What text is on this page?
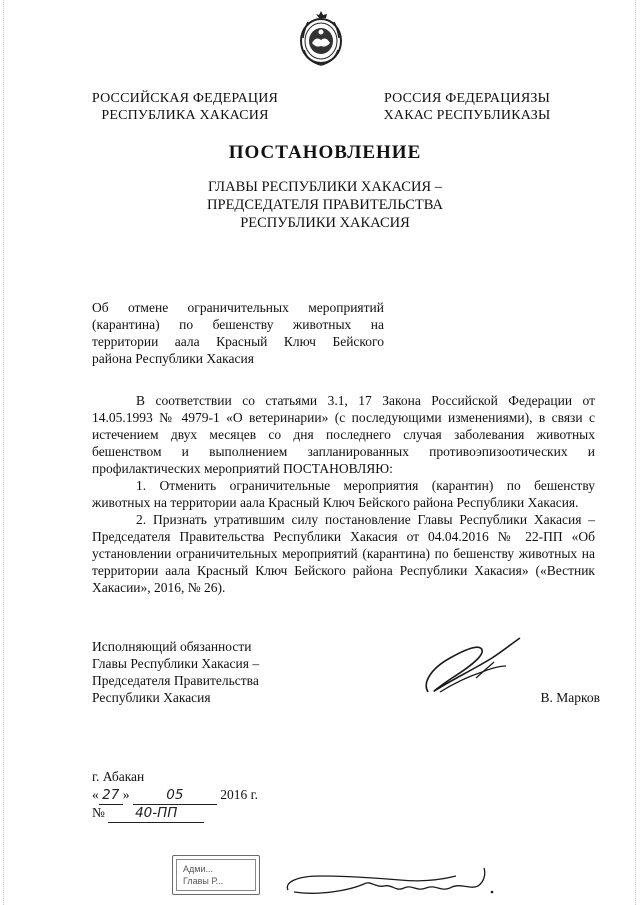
РОССИЙСКАЯ ФЕДЕРАЦИЯ
РЕСПУБЛИКА ХАКАСИЯ
РОССИЯ ФЕДЕРАЦИЯЗЫ
ХАКАС РЕСПУБЛИКАЗЫ
ПОСТАНОВЛЕНИЕ
ГЛАВЫ РЕСПУБЛИКИ ХАКАСИЯ –
ПРЕДСЕДАТЕЛЯ ПРАВИТЕЛЬСТВА
РЕСПУБЛИКИ ХАКАСИЯ
Об отмене ограничительных мероприятий
(карантина) по бешенству животных на
территории аала Красный Ключ Бейского
района Республики Хакасия

В соответствии со статьями 3.1, 17 Закона Российской Федерации от 14.05.1993 № 4979-1 «О ветеринарии» (с последующими изменениями), в связи с истечением двух месяцев со дня последнего случая заболевания животных бешенством и выполнением запланированных противоэпизоотических и профилактических мероприятий ПОСТАНОВЛЯЮ:

1. Отменить ограничительные мероприятия (карантин) по бешенству животных на территории аала Красный Ключ Бейского района Республики Хакасия.

2. Признать утратившим силу постановление Главы Республики Хакасия – Председателя Правительства Республики Хакасия от 04.04.2016 № 22-ПП «Об установлении ограничительных мероприятий (карантина) по бешенству животных на территории аала Красный Ключ Бейского района Республики Хакасия» («Вестник Хакасии», 2016, № 26).

Исполняющий обязанности
Главы Республики Хакасия –
Председателя Правительства
Республики Хакасия	В. Марков
г. Абакан
« 27 »	05	2016 г.
№ 40-ПП
Адми...
Главы Р...
